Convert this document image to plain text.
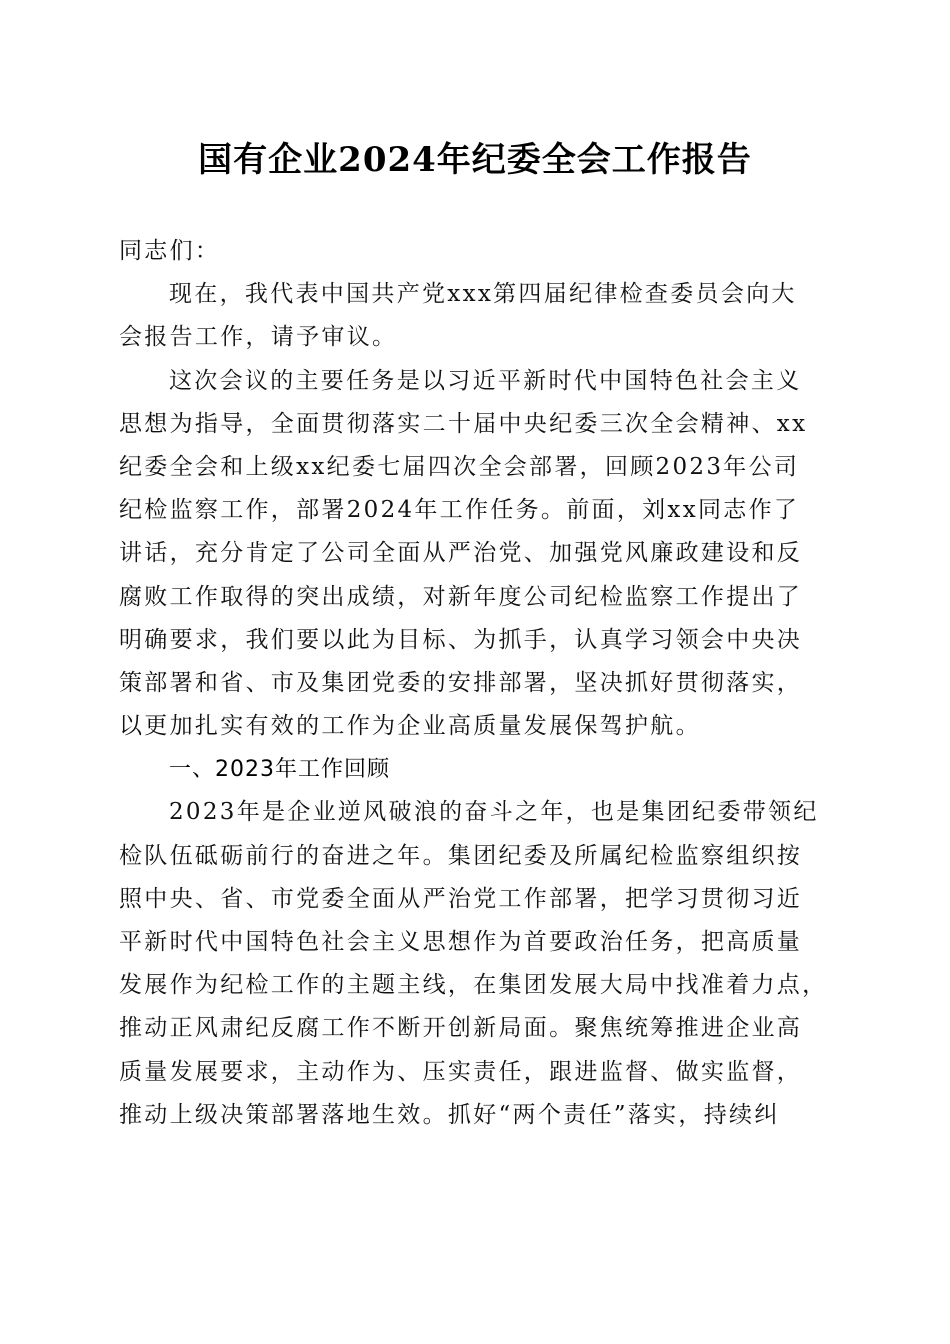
国有企业2024年纪委全会工作报告
同志们：
现在，我代表中国共产党xxx第四届纪律检查委员会向大
会报告工作，请予审议。
这次会议的主要任务是以习近平新时代中国特色社会主义
思想为指导，全面贯彻落实二十届中央纪委三次全会精神、xx
纪委全会和上级xx纪委七届四次全会部署，回顾2023年公司
纪检监察工作，部署2024年工作任务。前面，刘xx同志作了
讲话，充分肯定了公司全面从严治党、加强党风廉政建设和反
腐败工作取得的突出成绩，对新年度公司纪检监察工作提出了
明确要求，我们要以此为目标、为抓手，认真学习领会中央决
策部署和省、市及集团党委的安排部署，坚决抓好贯彻落实，
以更加扎实有效的工作为企业高质量发展保驾护航。
一、2023年工作回顾
2023年是企业逆风破浪的奋斗之年，也是集团纪委带领纪
检队伍砥砺前行的奋进之年。集团纪委及所属纪检监察组织按
照中央、省、市党委全面从严治党工作部署，把学习贯彻习近
平新时代中国特色社会主义思想作为首要政治任务，把高质量
发展作为纪检工作的主题主线，在集团发展大局中找准着力点，
推动正风肃纪反腐工作不断开创新局面。聚焦统筹推进企业高
质量发展要求，主动作为、压实责任，跟进监督、做实监督，
推动上级决策部署落地生效。抓好“两个责任”落实，持续纠
